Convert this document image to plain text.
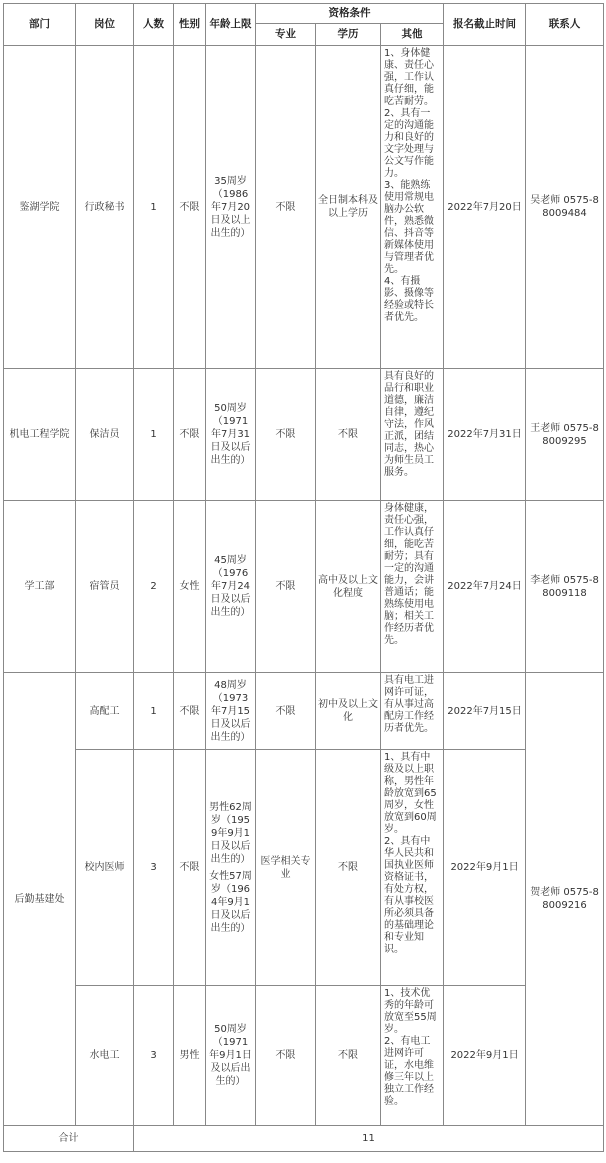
部门	岗位	人数	性别	年龄上限	资格条件			报名截止时间	联系人
					专业	学历	其他		
鉴湖学院	行政秘书	1	不限	35周岁（1986年7月20日及以上出生的）	不限	全日制本科及以上学历	1、身体健康、责任心强，工作认真仔细，能吃苦耐劳。
2、具有一定的沟通能力和良好的文字处理与公文写作能力。
3、能熟练使用常规电脑办公软件，熟悉微信、抖音等新媒体使用与管理者优先。
4、有摄影、摄像等经验或特长者优先。	2022年7月20日	吴老师 0575-88009484
机电工程学院	保洁员	1	不限	50周岁（1971年7月31日及以后出生的）	不限	不限	具有良好的品行和职业道德，廉洁自律，遵纪守法，作风正派，团结同志，热心为师生员工服务。	2022年7月31日	王老师 0575-88009295
学工部	宿管员	2	女性	45周岁（1976年7月24日及以后出生的）	不限	高中及以上文化程度	身体健康，责任心强，工作认真仔细，能吃苦耐劳；具有一定的沟通能力，会讲普通话；能熟练使用电脑；相关工作经历者优先。	2022年7月24日	李老师 0575-88009118
后勤基建处	高配工	1	不限	48周岁（1973年7月15日及以后出生的）	不限	初中及以上文化	具有电工进网许可证，有从事过高配房工作经历者优先。	2022年7月15日	贺老师 0575-88009216
	校内医师	3	不限	男性62周岁（1959年9月1日及以后出生的）
女性57周岁（1964年9月1日及以后出生的）	医学相关专业	不限	1、具有中级及以上职称，男性年龄放宽到65周岁，女性放宽到60周岁。
2、具有中华人民共和国执业医师资格证书，有处方权，有从事校医所必须具备的基础理论和专业知识。	2022年9月1日	
	水电工	3	男性	50周岁（1971年9月1日及以后出生的）	不限	不限	1、技术优秀的年龄可放宽至55周岁。
2、有电工进网许可证，水电维修三年以上独立工作经验。	2022年9月1日	
合计		11							
